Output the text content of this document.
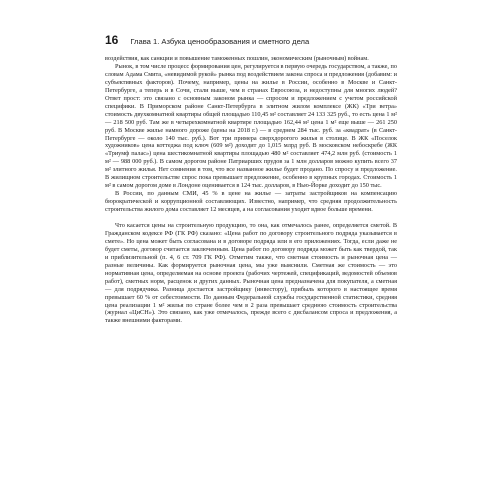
16 Глава 1. Азбука ценообразования и сметного дела

воздействия, как санкции и повышение таможенных пошлин, экономическим (рыночным) войнам.

Рынок, в том числе процесс формирования цен, регулируется в первую очередь государством, а также, по словам Адама Смита, «невидимой рукой» рынка под воздействием закона спроса и предложения (добавим: и субъективных факторов). Почему, например, цены на жилье в России, особенно в Москве и Санкт-Петербурге, а теперь и в Сочи, стали выше, чем в странах Евросоюза, и недоступны для многих людей? Ответ прост: это связано с основным законом рынка — спросом и предложением с учетом российской специфики. В Приморском районе Санкт-Петербурга в элитном жилом комплексе (ЖК) «Три ветра» стоимость двухкомнатной квартиры общей площадью 110,45 м² составляет 24 133 325 руб., то есть цена 1 м² — 218 500 руб. Там же в четырехкомнатной квартире площадью 162,44 м² цена 1 м² еще выше — 261 250 руб. В Москве жилье намного дороже (цены на 2018 г.) — в среднем 284 тыс. руб. за «квадрат» (в Санкт-Петербурге — около 140 тыс. руб.). Вот три примера сверхдорогого жилья в столице. В ЖК «Поселок художников» цена коттеджа под ключ (609 м²) доходит до 1,015 млрд руб. В московском небоскребе (ЖК «Триумф палас») цена шестикомнатной квартиры площадью 480 м² составляет 474,2 млн руб. (стоимость 1 м² — 988 000 руб.). В самом дорогом районе Патриарших прудов за 1 млн долларов можно купить всего 37 м² элитного жилья. Нет сомнения в том, что все названное жилье будет продано. По спросу и предложение. В жилищном строительстве спрос пока превышает предложение, особенно в крупных городах. Стоимость 1 м² в самом дорогом доме в Лондоне оценивается в 124 тыс. долларов, в Нью-Йорке доходит до 150 тыс.

В России, по данным СМИ, 45 % в цене на жилье — затраты застройщиков на компенсацию бюрократической и коррупционной составляющих. Известно, например, что средняя продолжительность строительства жилого дома составляет 12 месяцев, а на согласования уходит вдвое больше времени.

Что касается цены на строительную продукцию, то она, как отмечалось ранее, определяется сметой. В Гражданском кодексе РФ (ГК РФ) сказано: «Цена работ по договору строительного подряда указывается в смете». Но цена может быть согласована и в договоре подряда или в его приложениях. Тогда, если даже не будет сметы, договор считается заключенным. Цена работ по договору подряда может быть как твердой, так и приблизительной (п. 4, 6 ст. 709 ГК РФ). Отметим также, что сметная стоимость и рыночная цена — разные величины. Как формируется рыночная цена, мы уже выяснили. Сметная же стоимость — это нормативная цена, определяемая на основе проекта (рабочих чертежей, спецификаций, ведомостей объемов работ), сметных норм, расценок и других данных. Рыночная цена предназначена для покупателя, а сметная — для подрядчика. Разница достается застройщику (инвестору), прибыль которого в настоящее время превышает 60 % от себестоимости. По данным Федеральной службы государственной статистики, средняя цена реализации 1 м² жилья по стране более чем в 2 раза превышает среднюю стоимость строительства (журнал «ЦиСН»). Это связано, как уже отмечалось, прежде всего с дисбалансом спроса и предложения, а также внешними факторами.
